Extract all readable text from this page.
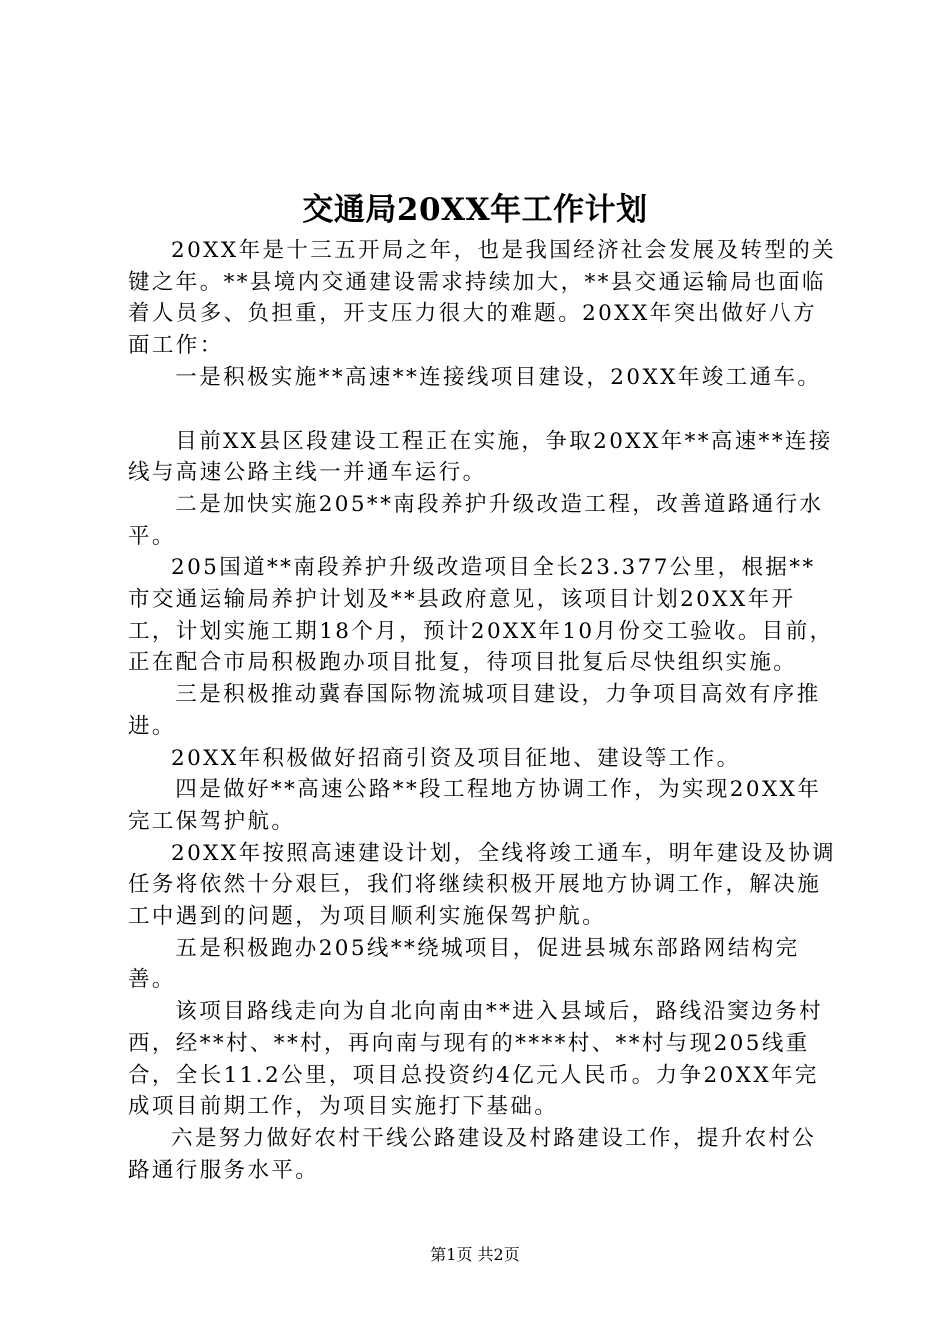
交通局20XX年工作计划

20XX年是十三五开局之年，也是我国经济社会发展及转型的关键之年。**县境内交通建设需求持续加大，**县交通运输局也面临着人员多、负担重，开支压力很大的难题。20XX年突出做好八方面工作：

一是积极实施**高速**连接线项目建设，20XX年竣工通车。

目前XX县区段建设工程正在实施，争取20XX年**高速**连接线与高速公路主线一并通车运行。

二是加快实施205**南段养护升级改造工程，改善道路通行水平。

205国道**南段养护升级改造项目全长23.377公里，根据**市交通运输局养护计划及**县政府意见，该项目计划20XX年开工，计划实施工期18个月，预计20XX年10月份交工验收。目前，正在配合市局积极跑办项目批复，待项目批复后尽快组织实施。

三是积极推动冀春国际物流城项目建设，力争项目高效有序推进。

20XX年积极做好招商引资及项目征地、建设等工作。

四是做好**高速公路**段工程地方协调工作，为实现20XX年完工保驾护航。

20XX年按照高速建设计划，全线将竣工通车，明年建设及协调任务将依然十分艰巨，我们将继续积极开展地方协调工作，解决施工中遇到的问题，为项目顺利实施保驾护航。

五是积极跑办205线**绕城项目，促进县城东部路网结构完善。

该项目路线走向为自北向南由**进入县域后，路线沿窦边务村西，经**村、**村，再向南与现有的****村、**村与现205线重合，全长11.2公里，项目总投资约4亿元人民币。力争20XX年完成项目前期工作，为项目实施打下基础。

六是努力做好农村干线公路建设及村路建设工作，提升农村公路通行服务水平。

第1页 共2页
